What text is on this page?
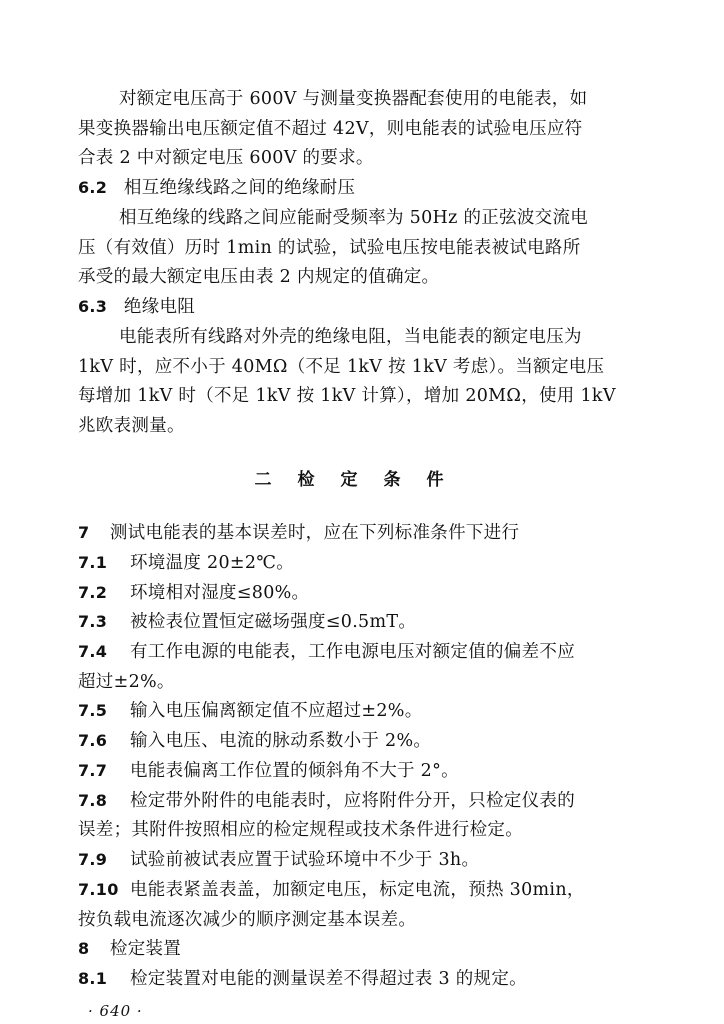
对额定电压高于 600V 与测量变换器配套使用的电能表，如
果变换器输出电压额定值不超过 42V，则电能表的试验电压应符
合表 2 中对额定电压 600V 的要求。
6.2 相互绝缘线路之间的绝缘耐压
相互绝缘的线路之间应能耐受频率为 50Hz 的正弦波交流电
压（有效值）历时 1min 的试验，试验电压按电能表被试电路所
承受的最大额定电压由表 2 内规定的值确定。
6.3 绝缘电阻
电能表所有线路对外壳的绝缘电阻，当电能表的额定电压为
1kV 时，应不小于 40MΩ（不足 1kV 按 1kV 考虑）。当额定电压
每增加 1kV 时（不足 1kV 按 1kV 计算），增加 20MΩ，使用 1kV
兆欧表测量。
二检定条件
7 测试电能表的基本误差时，应在下列标准条件下进行
7.1 环境温度 20±2℃。
7.2 环境相对湿度≤80%。
7.3 被检表位置恒定磁场强度≤0.5mT。
7.4 有工作电源的电能表，工作电源电压对额定值的偏差不应
超过±2%。
7.5 输入电压偏离额定值不应超过±2%。
7.6 输入电压、电流的脉动系数小于 2%。
7.7 电能表偏离工作位置的倾斜角不大于 2°。
7.8 检定带外附件的电能表时，应将附件分开，只检定仪表的
误差；其附件按照相应的检定规程或技术条件进行检定。
7.9 试验前被试表应置于试验环境中不少于 3h。
7.10 电能表紧盖表盖，加额定电压，标定电流，预热 30min，
按负载电流逐次减少的顺序测定基本误差。
8 检定装置
8.1 检定装置对电能的测量误差不得超过表 3 的规定。
· 640 ·
